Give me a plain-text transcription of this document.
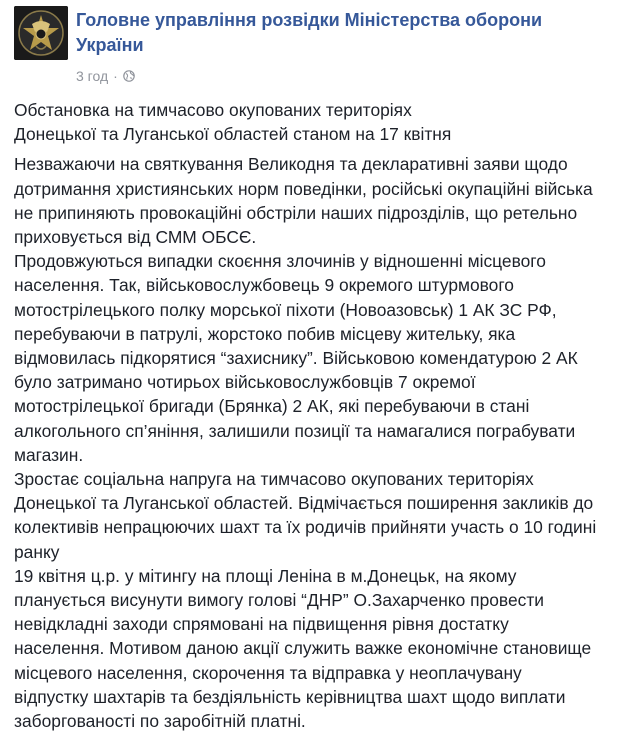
Головне управління розвідки Міністерства оборони
України
3 год ·

Обстановка на тимчасово окупованих територіях

Донецької та Луганської областей станом на 17 квітня

Незважаючи на святкування Великодня та декларативні заяви щодо

дотримання християнських норм поведінки, російські окупаційні війська

не припиняють провокаційні обстріли наших підрозділів, що ретельно

приховується від СММ ОБСЄ.

Продовжуються випадки скоєння злочинів у відношенні місцевого

населення. Так, військовослужбовець 9 окремого штурмового

мотострілецького полку морської піхоти (Новоазовськ) 1 АК ЗС РФ,

перебуваючи в патрулі, жорстоко побив місцеву жительку, яка

відмовилась підкорятися “захиснику”. Військовою комендатурою 2 АК

було затримано чотирьох військовослужбовців 7 окремої

мотострілецької бригади (Брянка) 2 АК, які перебуваючи в стані

алкогольного сп’яніння, залишили позиції та намагалися пограбувати

магазин.

Зростає соціальна напруга на тимчасово окупованих територіях

Донецької та Луганської областей. Відмічається поширення закликів до

колективів непрацюючих шахт та їх родичів прийняти участь о 10 годині

ранку

19 квітня ц.р. у мітингу на площі Леніна в м.Донецьк, на якому

планується висунути вимогу голові “ДНР” О.Захарченко провести

невідкладні заходи спрямовані на підвищення рівня достатку

населення. Мотивом даною акції служить важке економічне становище

місцевого населення, скорочення та відправка у неоплачувану

відпустку шахтарів та бездіяльність керівництва шахт щодо виплати

заборгованості по заробітній платні.
